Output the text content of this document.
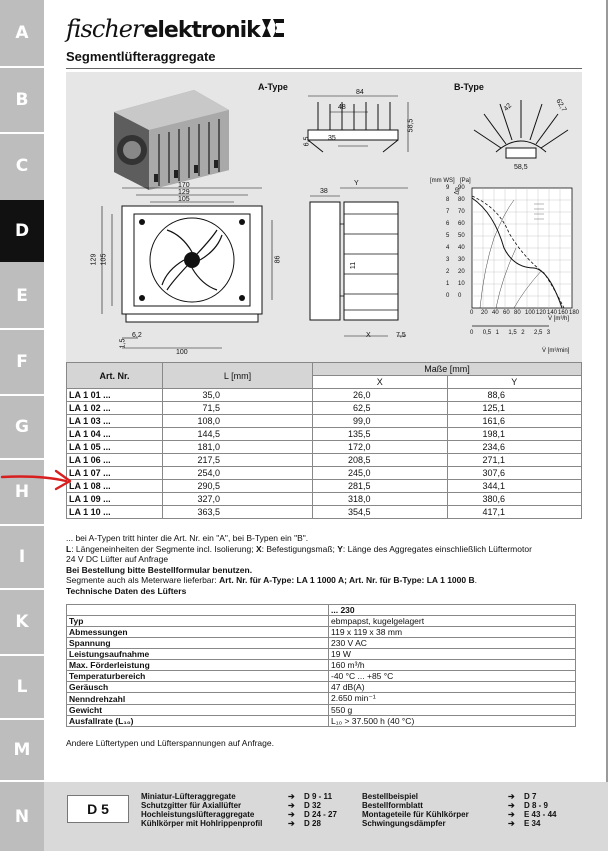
A
B
C
D
E
F
G
H
I
K
L
M
N
fischer elektronik
Segmentlüfteraggregate
A-Type
84
48
35
6,5
58,5
B-Type
42	62,7
58,5
170
129
105
129 105	86
6,2
100
1,5
38
Y
11
X	7,5
[mm WS] [Pa]
Δp
90
80
70
60
50
40
30
20
10
0
9
8
7
6
5
4
3
2
1
0
0 20 40 60 80 100 120 140 160 180
0 0,5 1 1,5 2 2,5 3
V̇ [m³/h]
V̇ [m³/min]
Art. Nr.	L [mm]	Maße [mm]	
		X	Y
LA 1 01 ...	35,0	26,0	88,6
LA 1 02 ...	71,5	62,5	125,1
LA 1 03 ...	108,0	99,0	161,6
LA 1 04 ...	144,5	135,5	198,1
LA 1 05 ...	181,0	172,0	234,6
LA 1 06 ...	217,5	208,5	271,1
LA 1 07 ...	254,0	245,0	307,6
LA 1 08 ...	290,5	281,5	344,1
LA 1 09 ...	327,0	318,0	380,6
LA 1 10 ...	363,5	354,5	417,1
... bei A-Typen tritt hinter die Art. Nr. ein "A", bei B-Typen ein "B".
L: Längeneinheiten der Segmente incl. Isolierung; X: Befestigungsmaß; Y: Länge des Aggregates einschließlich Lüftermotor
24 V DC Lüfter auf Anfrage
Bei Bestellung bitte Bestellformular benutzen.
Segmente auch als Meterware lieferbar: Art. Nr. für A-Type: LA 1 1000 A; Art. Nr. für B-Type: LA 1 1000 B.
Technische Daten des Lüfters
	... 230
Typ	ebmpapst, kugelgelagert
Abmessungen	119 x 119 x 38 mm
Spannung	230 V AC
Leistungsaufnahme	19 W
Max. Förderleistung	160 m³/h
Temperaturbereich	-40 °C ... +85 °C
Geräusch	47 dB(A)
Nenndrehzahl	2.650 min⁻¹
Gewicht	550 g
Ausfallrate (L₁₀)	L₁₀ > 37.500 h (40 °C)
Andere Lüftertypen und Lüfterspannungen auf Anfrage.
D 5
Miniatur-Lüfteraggregate	➔ D 9 - 11
Schutzgitter für Axiallüfter	➔ D 32
Hochleistungslüfteraggregate	➔ D 24 - 27
Kühlkörper mit Hohlrippenprofil	➔ D 28
Bestellbeispiel	➔ D 7
Bestellformblatt	➔ D 8 - 9
Montageteile für Kühlkörper	➔ E 43 - 44
Schwingungsdämpfer	➔ E 34
